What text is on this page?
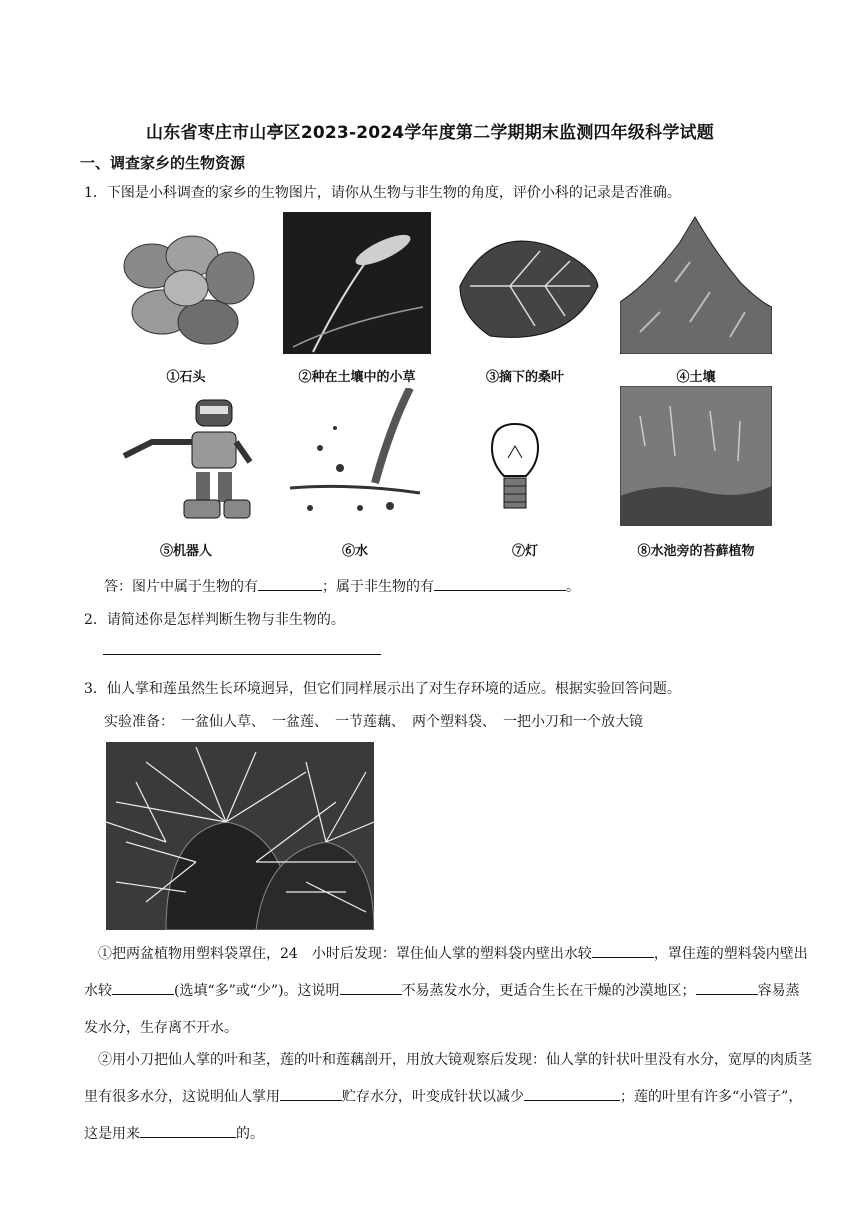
山东省枣庄市山亭区2023-2024学年度第二学期期末监测四年级科学试题
一、调查家乡的生物资源
1．下图是小科调查的家乡的生物图片，请你从生物与非生物的角度，评价小科的记录是否准确。
①石头	②种在土壤中的小草	③摘下的桑叶	④土壤
⑤机器人	⑥水	⑦灯	⑧水池旁的苔藓植物
答：图片中属于生物的有	；属于非生物的有	。
2．请简述你是怎样判断生物与非生物的。
3．仙人掌和莲虽然生长环境迥异，但它们同样展示出了对生存环境的适应。根据实验回答问题。
实验准备：　一盆仙人草、　一盆莲、　一节莲藕、　两个塑料袋、　一把小刀和一个放大镜
①把两盆植物用塑料袋罩住，24　小时后发现：罩住仙人掌的塑料袋内壁出水较	，罩住莲的塑料袋内壁出水较	(选填“多”或“少”)。这说明	不易蒸发水分，更适合生长在干燥的沙漠地区；	容易蒸发水分，生存离不开水。
②用小刀把仙人掌的叶和茎，莲的叶和莲藕剖开，用放大镜观察后发现：仙人掌的针状叶里没有水分，宽厚的肉质茎里有很多水分，这说明仙人掌用	贮存水分，叶变成针状以减少	；莲的叶里有许多“小管子”，这是用来	的。
